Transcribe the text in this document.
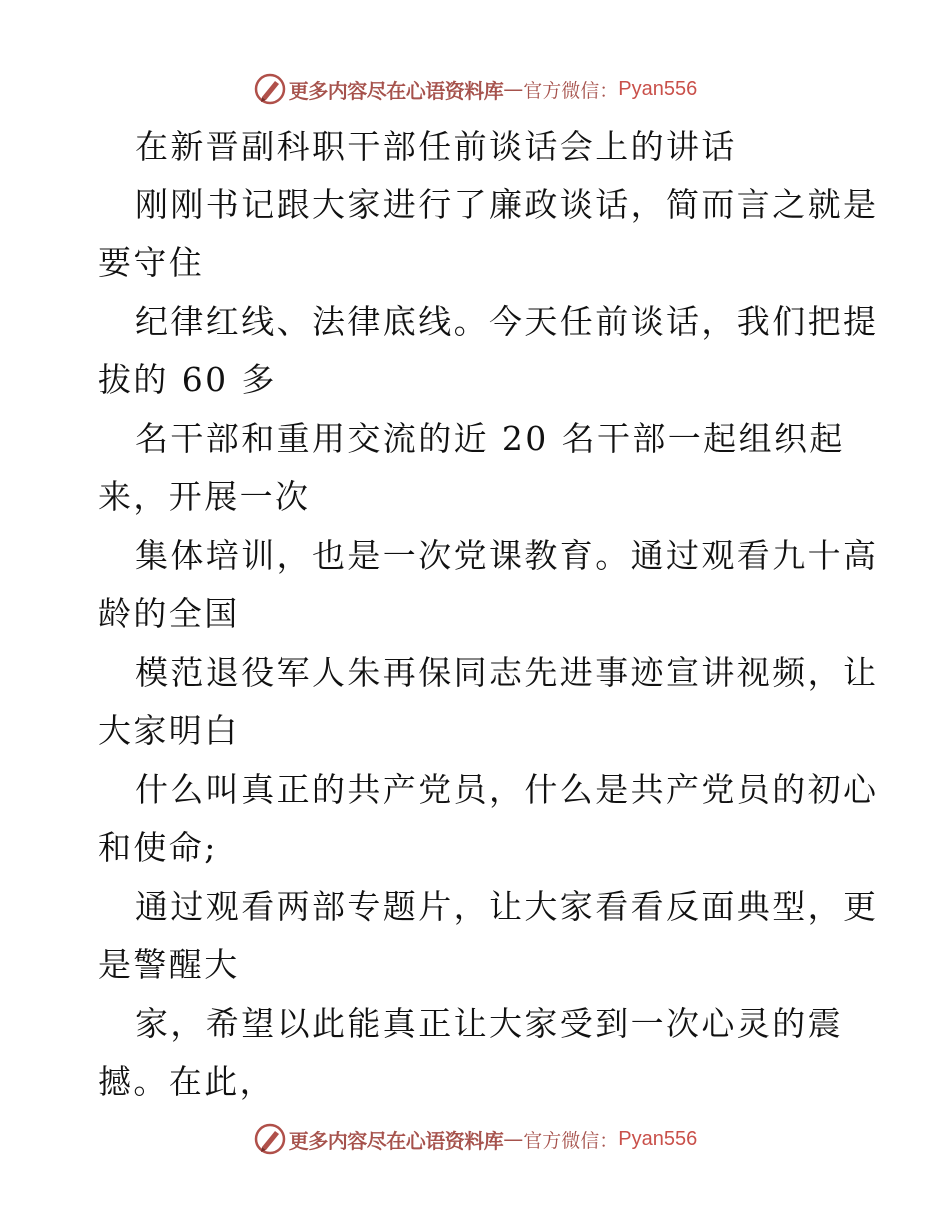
更多内容尽在心语资料库 — 官方微信： Pyan556

在新晋副科职干部任前谈话会上的讲话

刚刚书记跟大家进行了廉政谈话，简而言之就是

要守住

纪律红线、法律底线。今天任前谈话，我们把提

拔的 60 多

名干部和重用交流的近 20 名干部一起组织起

来，开展一次

集体培训，也是一次党课教育。通过观看九十高

龄的全国

模范退役军人朱再保同志先进事迹宣讲视频，让

大家明白

什么叫真正的共产党员，什么是共产党员的初心

和使命;

通过观看两部专题片，让大家看看反面典型，更

是警醒大

家，希望以此能真正让大家受到一次心灵的震

撼。在此，

更多内容尽在心语资料库 — 官方微信： Pyan556
